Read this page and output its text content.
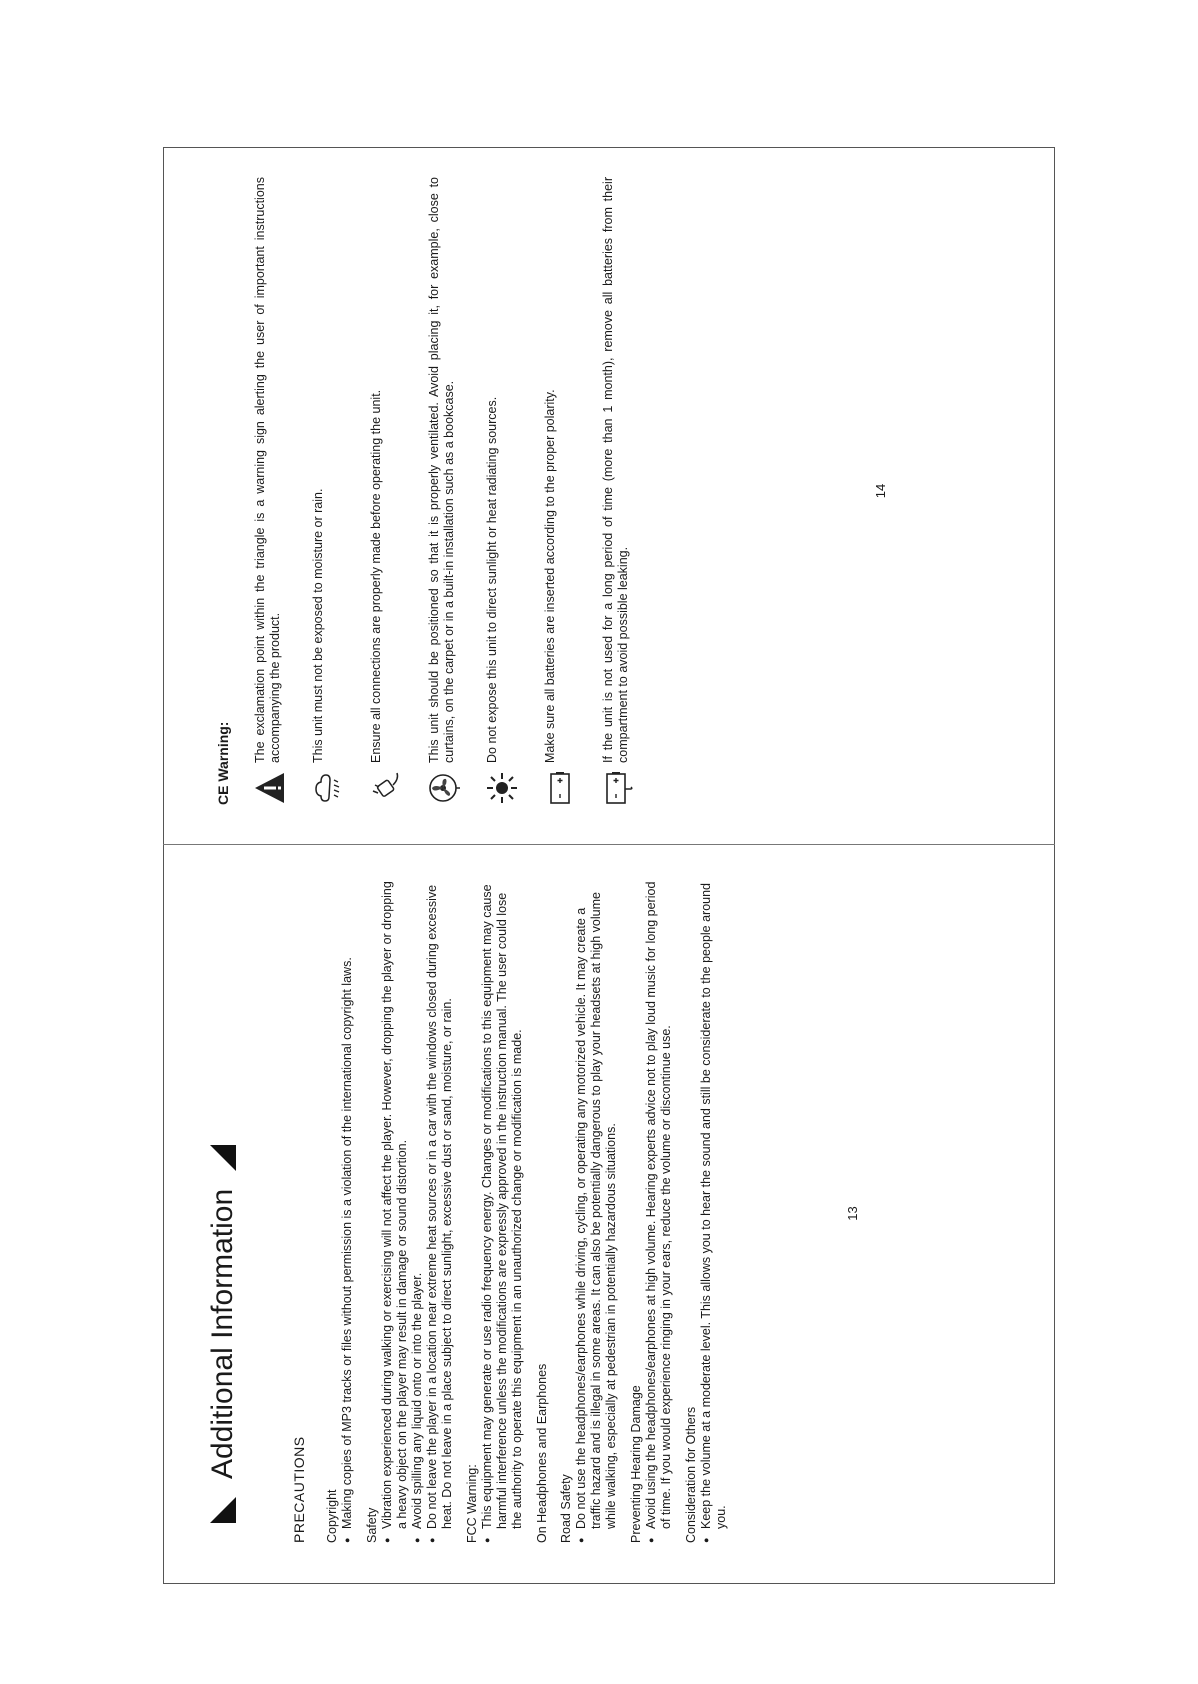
Additional Information
PRECAUTIONS Copyright ● Making copies of MP3 tracks or files without permission is a violation of the international copyright laws. Safety ● Vibration experienced during walking or exercising will not affect the player. However, dropping the player or dropping a heavy object on the player may result in damage or sound distortion. ● Avoid spilling any liquid onto or into the player. ● Do not leave the player in a location near extreme heat sources or in a car with the windows closed during excessive heat. Do not leave in a place subject to direct sunlight, excessive dust or sand, moisture, or rain. FCC Warning: ● This equipment may generate or use radio frequency energy. Changes or modifications to this equipment may cause harmful interference unless the modifications are expressly approved in the instruction manual. The user could lose the authority to operate this equipment in an unauthorized change or modification is made. On Headphones and Earphones Road Safety ● Do not use the headphones/earphones while driving, cycling, or operating any motorized vehicle. It may create a traffic hazard and is illegal in some areas. It can also be potentially dangerous to play your headsets at high volume while walking, especially at pedestrian in potentially hazardous situations. Preventing Hearing Damage ● Avoid using the headphones/earphones at high volume. Hearing experts advice not to play loud music for long period of time. If you would experience ringing in your ears, reduce the volume or discontinue use. Consideration for Others ● Keep the volume at a moderate level. This allows you to hear the sound and still be considerate to the people around you.
13
CE Warning:
The exclamation point within the triangle is a warning sign alerting the user of important instructions accompanying the product. This unit must not be exposed to moisture or rain.	Ensure all connections are properly made before operating the unit.	This unit should be positioned so that it is properly ventilated. Avoid placing it, for example, close to curtains, on the carpet or in a built-in installation such as a bookcase. Do not expose this unit to direct sunlight or heat radiating sources.	Make sure all batteries are inserted according to the proper polarity.	If the unit is not used for a long period of time (more than 1 month), remove all batteries from their compartment to avoid possible leaking.
14
